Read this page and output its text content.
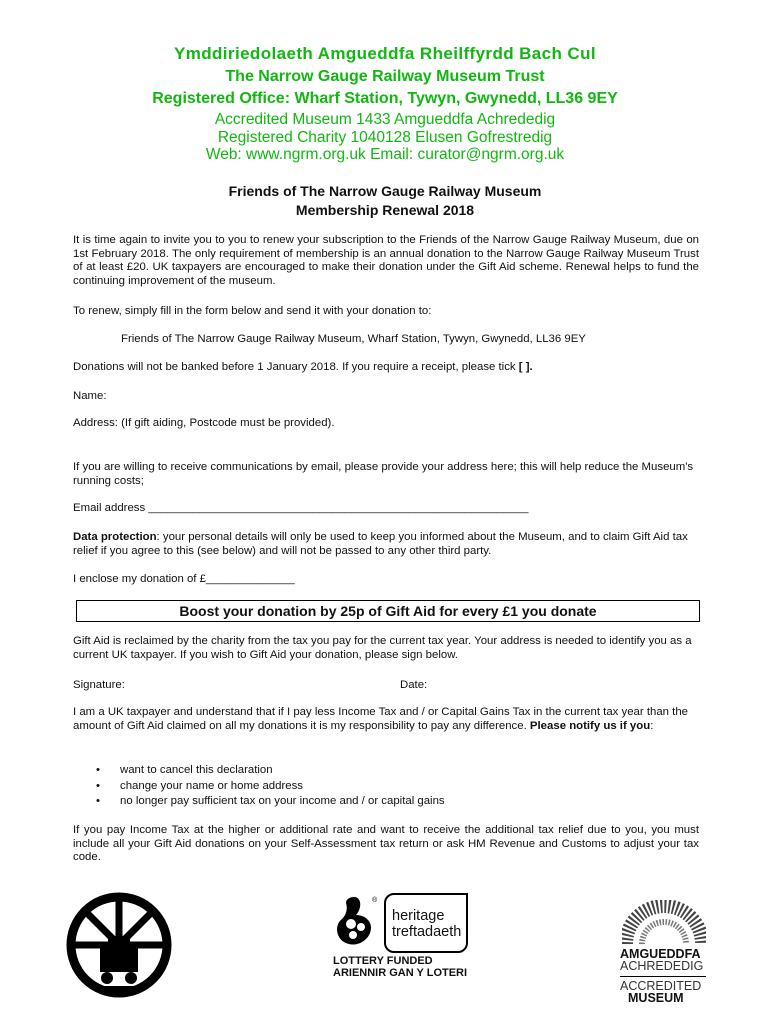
Ymddiriedolaeth Amgueddfa Rheilffyrdd Bach Cul
The Narrow Gauge Railway Museum Trust
Registered Office: Wharf Station, Tywyn, Gwynedd, LL36 9EY
Accredited Museum 1433 Amgueddfa Achrededig
Registered Charity 1040128 Elusen Gofrestredig
Web: www.ngrm.org.uk Email: curator@ngrm.org.uk
Friends of The Narrow Gauge Railway Museum
Membership Renewal 2018

It is time again to invite you to you to renew your subscription to the Friends of the Narrow Gauge Railway Museum, due on 1st February 2018. The only requirement of membership is an annual donation to the Narrow Gauge Railway Museum Trust of at least £20. UK taxpayers are encouraged to make their donation under the Gift Aid scheme. Renewal helps to fund the continuing improvement of the museum.

To renew, simply fill in the form below and send it with your donation to:

Friends of The Narrow Gauge Railway Museum, Wharf Station, Tywyn, Gwynedd, LL36 9EY

Donations will not be banked before 1 January 2018. If you require a receipt, please tick [ ].

Name:

Address: (If gift aiding, Postcode must be provided).

If you are willing to receive communications by email, please provide your address here; this will help reduce the Museum's running costs;

Email address ____________________________________________________________

Data protection: your personal details will only be used to keep you informed about the Museum, and to claim Gift Aid tax relief if you agree to this (see below) and will not be passed to any other third party.

I enclose my donation of £______________

Boost your donation by 25p of Gift Aid for every £1 you donate

Gift Aid is reclaimed by the charity from the tax you pay for the current tax year. Your address is needed to identify you as a current UK taxpayer. If you wish to Gift Aid your donation, please sign below.

Signature:	Date:

I am a UK taxpayer and understand that if I pay less Income Tax and / or Capital Gains Tax in the current tax year than the amount of Gift Aid claimed on all my donations it is my responsibility to pay any difference. Please notify us if you:

• want to cancel this declaration
• change your name or home address
• no longer pay sufficient tax on your income and / or capital gains

If you pay Income Tax at the higher or additional rate and want to receive the additional tax relief due to you, you must include all your Gift Aid donations on your Self-Assessment tax return or ask HM Revenue and Customs to adjust your tax code.

®
heritage
treftadaeth
LOTTERY FUNDED
ARIENNIR GAN Y LOTERI
AMGUEDDFA
ACHREDEDIG
ACCREDITED
MUSEUM
